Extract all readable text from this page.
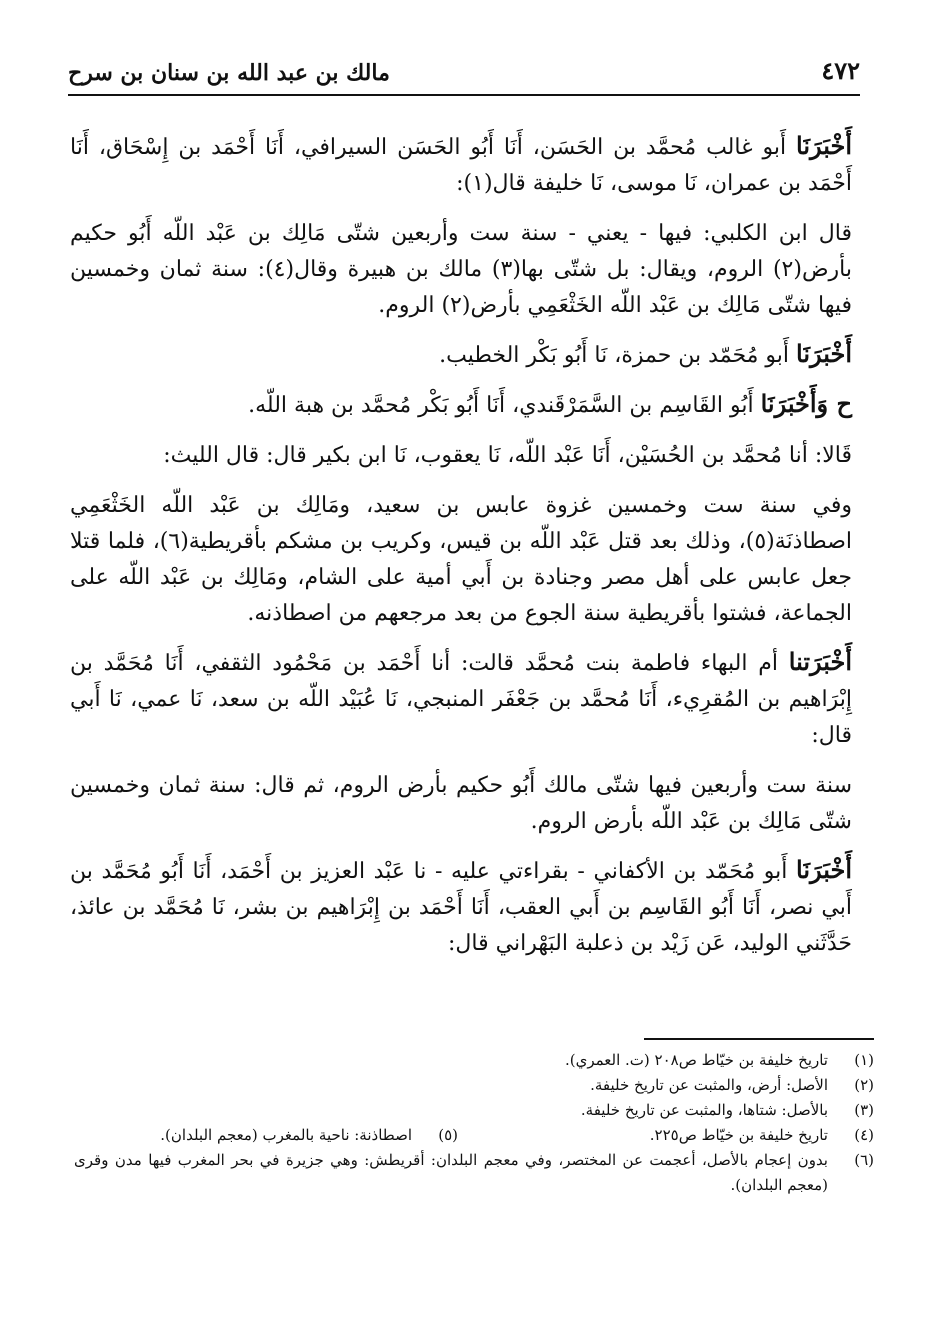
٤٧٢
مالك بن عبد الله بن سنان بن سرح

أَخْبَرَنَا أَبو غالب مُحمَّد بن الحَسَن، أَنَا أَبُو الحَسَن السيرافي، أَنَا أَحْمَد بن إِسْحَاق، أَنَا أَحْمَد بن عمران، نَا موسى، نَا خليفة قال(١):

قال ابن الكلبي: فيها - يعني - سنة ست وأربعين شتّى مَالِك بن عَبْد اللّه أَبُو حكيم بأرض(٢) الروم، ويقال: بل شتّى بها(٣) مالك بن هبيرة وقال(٤): سنة ثمان وخمسين فيها شتّى مَالِك بن عَبْد اللّه الخَثْعَمِي بأرض(٢) الروم.

أَخْبَرَنَا أَبو مُحَمّد بن حمزة، نَا أَبُو بَكْر الخطيب.

ح وَأَخْبَرَنَا أَبُو القَاسِم بن السَّمَرْقَندي، أَنَا أَبُو بَكْر مُحمَّد بن هبة اللّه.

قَالا: أنا مُحمَّد بن الحُسَيْن، أَنَا عَبْد اللّه، نَا يعقوب، نَا ابن بكير قال: قال الليث:

وفي سنة ست وخمسين غزوة عابس بن سعيد، ومَالِك بن عَبْد اللّه الخَثْعَمِي اصطاذنَة(٥)، وذلك بعد قتل عَبْد اللّه بن قيس، وكريب بن مشكم بأقريطية(٦)، فلما قتلا جعل عابس على أهل مصر وجنادة بن أَبي أمية على الشام، ومَالِك بن عَبْد اللّه على الجماعة، فشتوا بأقريطية سنة الجوع من بعد مرجعهم من اصطاذنه.

أَخْبَرَتنا أم البهاء فاطمة بنت مُحمَّد قالت: أنا أَحْمَد بن مَحْمُود الثقفي، أَنَا مُحَمَّد بن إِبْرَاهيم بن المُقرِيء، أَنَا مُحمَّد بن جَعْفَر المنبجي، نَا عُبَيْد اللّه بن سعد، نَا عمي، نَا أَبي قال:

سنة ست وأربعين فيها شتّى مالك أَبُو حكيم بأرض الروم، ثم قال: سنة ثمان وخمسين شتّى مَالِك بن عَبْد اللّه بأرض الروم.

أَخْبَرَنَا أَبو مُحَمّد بن الأكفاني - بقراءتي عليه - نا عَبْد العزيز بن أَحْمَد، أَنَا أَبُو مُحَمَّد بن أَبي نصر، أَنَا أَبُو القَاسِم بن أَبي العقب، أَنَا أَحْمَد بن إِبْرَاهيم بن بشر، نَا مُحَمَّد بن عائذ، حَدَّثَني الوليد، عَن زَيْد بن ذعلبة البَهْراني قال:

(١)
تاريخ خليفة بن خيّاط ص٢٠٨ (ت. العمري).
(٢)
الأصل: أرض، والمثبت عن تاريخ خليفة.
(٣)
بالأصل: شتاها، والمثبت عن تاريخ خليفة.
(٤)
تاريخ خليفة بن خيّاط ص٢٢٥.
(٥)
اصطاذنة: ناحية بالمغرب (معجم البلدان).
(٦)
بدون إعجام بالأصل، أعجمت عن المختصر، وفي معجم البلدان: أقريطش: وهي جزيرة في بحر المغرب فيها مدن وقرى (معجم البلدان).
